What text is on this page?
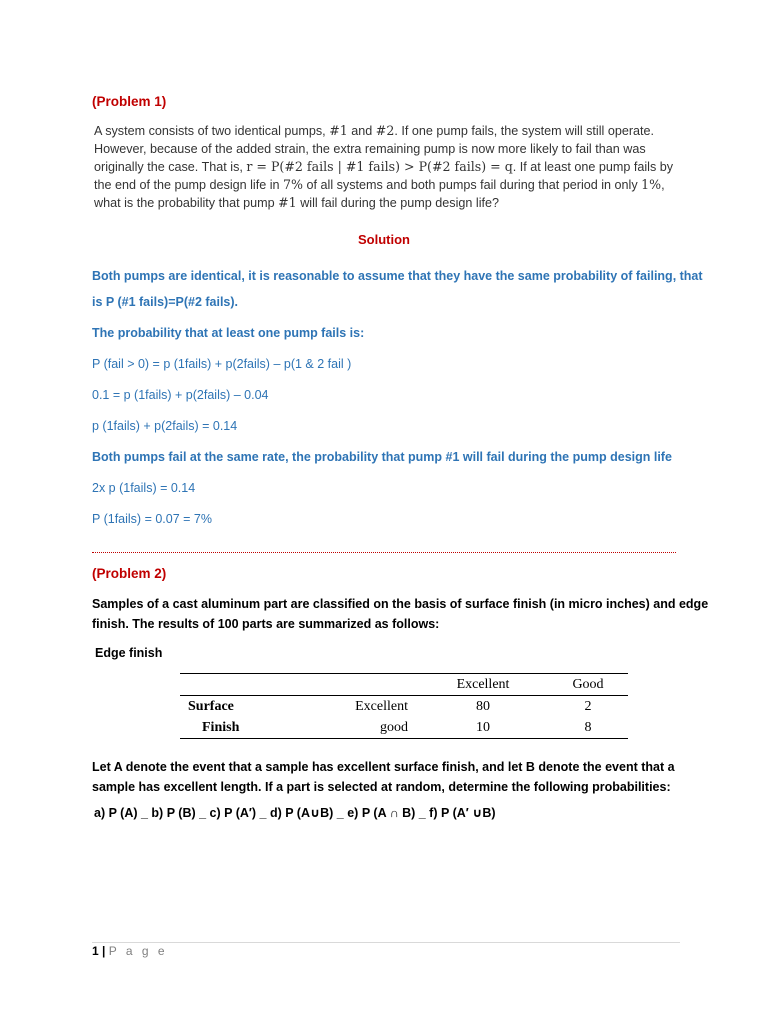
(Problem 1)
A system consists of two identical pumps, #1 and #2. If one pump fails, the system will still operate. However, because of the added strain, the extra remaining pump is now more likely to fail than was originally the case. That is, r = P(#2 fails | #1 fails) > P(#2 fails) = q. If at least one pump fails by the end of the pump design life in 7% of all systems and both pumps fail during that period in only 1%, what is the probability that pump #1 will fail during the pump design life?
Solution
Both pumps are identical, it is reasonable to assume that they have the same probability of failing, that
is P (#1 fails)=P(#2 fails).
The probability that at least one pump fails is:
P (fail > 0) = p (1fails) + p(2fails) – p(1 & 2 fail )
0.1 = p (1fails) + p(2fails) – 0.04
p (1fails) + p(2fails) = 0.14
Both pumps fail at the same rate, the probability that pump #1 will fail during the pump design life
2x p (1fails) = 0.14
P (1fails) = 0.07 = 7%
(Problem 2)
Samples of a cast aluminum part are classified on the basis of surface finish (in micro inches) and edge
finish. The results of 100 parts are summarized as follows:
Edge finish
		Excellent	Good
Surface	Excellent	80	2
Finish	good	10	8
Let A denote the event that a sample has excellent surface finish, and let B denote the event that a
sample has excellent length. If a part is selected at random, determine the following probabilities:
a) P (A) _ b) P (B) _ c) P (A′) _ d) P (A∪B) _ e) P (A ∩ B) _ f) P (A′ ∪B)
1 | P a g e
